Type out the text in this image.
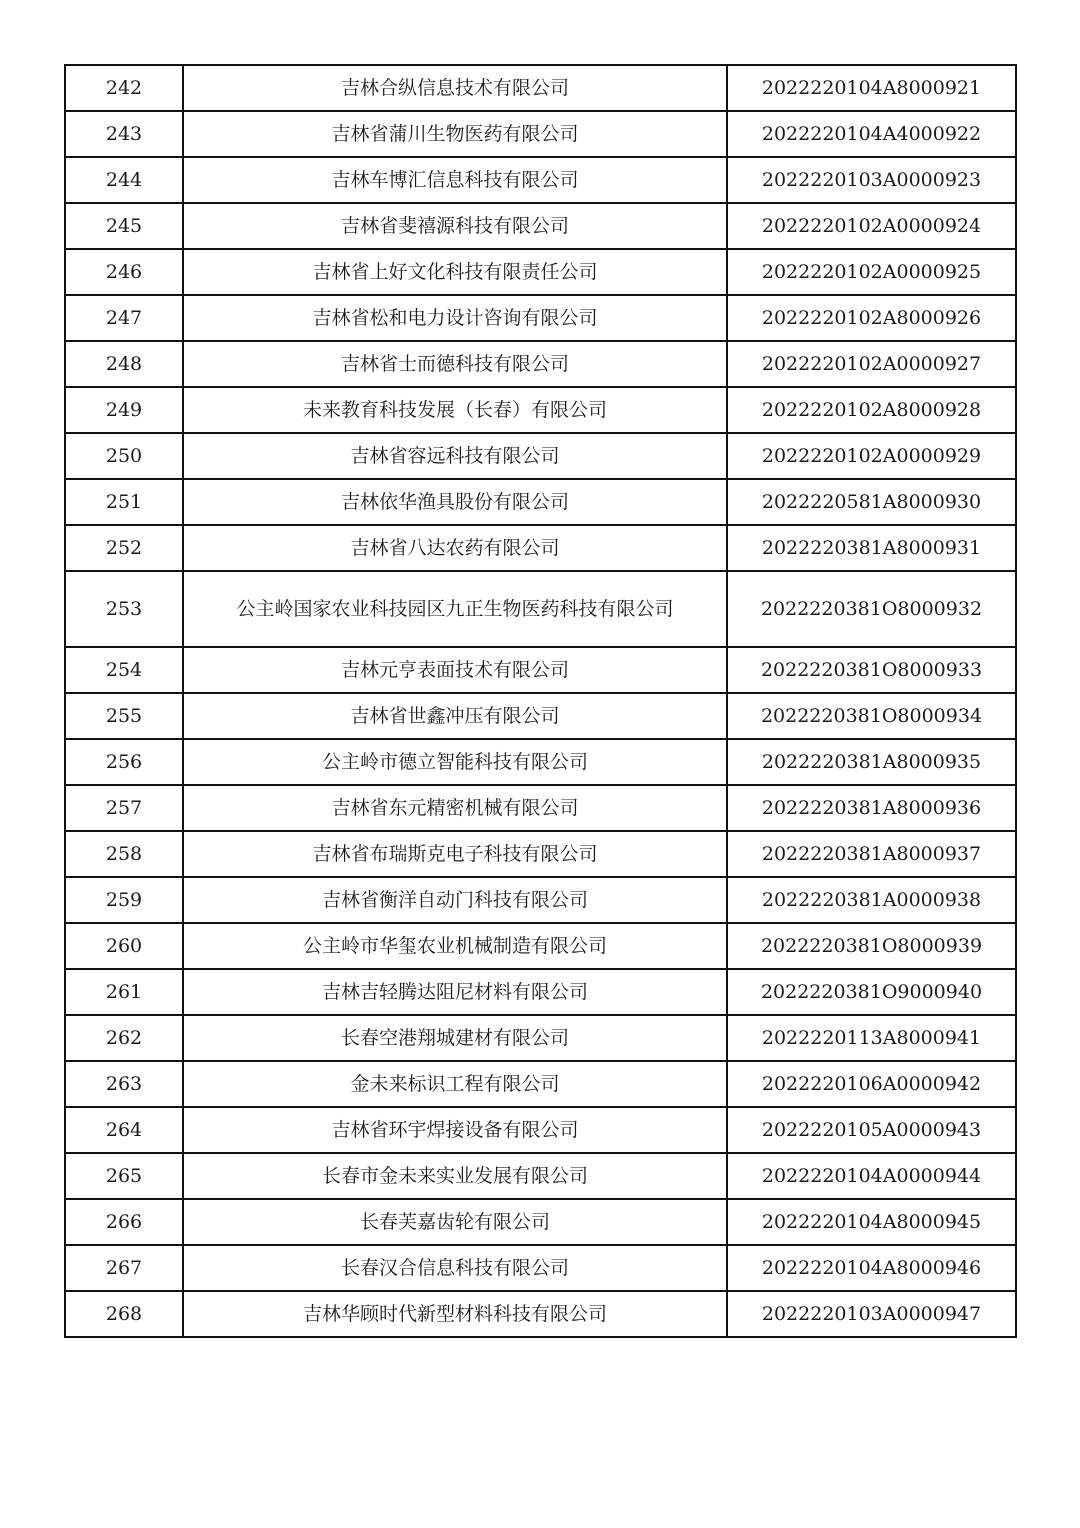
242	吉林合纵信息技术有限公司	2022220104A8000921
243	吉林省蒲川生物医药有限公司	2022220104A4000922
244	吉林车博汇信息科技有限公司	2022220103A0000923
245	吉林省斐禧源科技有限公司	2022220102A0000924
246	吉林省上好文化科技有限责任公司	2022220102A0000925
247	吉林省松和电力设计咨询有限公司	2022220102A8000926
248	吉林省士而德科技有限公司	2022220102A0000927
249	未来教育科技发展（长春）有限公司	2022220102A8000928
250	吉林省容远科技有限公司	2022220102A0000929
251	吉林依华渔具股份有限公司	2022220581A8000930
252	吉林省八达农药有限公司	2022220381A8000931
253	公主岭国家农业科技园区九正生物医药科技有限公司	2022220381O8000932
254	吉林元亨表面技术有限公司	2022220381O8000933
255	吉林省世鑫冲压有限公司	2022220381O8000934
256	公主岭市德立智能科技有限公司	2022220381A8000935
257	吉林省东元精密机械有限公司	2022220381A8000936
258	吉林省布瑞斯克电子科技有限公司	2022220381A8000937
259	吉林省衡洋自动门科技有限公司	2022220381A0000938
260	公主岭市华玺农业机械制造有限公司	2022220381O8000939
261	吉林吉轻腾达阻尼材料有限公司	2022220381O9000940
262	长春空港翔城建材有限公司	2022220113A8000941
263	金未来标识工程有限公司	2022220106A0000942
264	吉林省环宇焊接设备有限公司	2022220105A0000943
265	长春市金未来实业发展有限公司	2022220104A0000944
266	长春芙嘉齿轮有限公司	2022220104A8000945
267	长春汉合信息科技有限公司	2022220104A8000946
268	吉林华顾时代新型材料科技有限公司	2022220103A0000947
